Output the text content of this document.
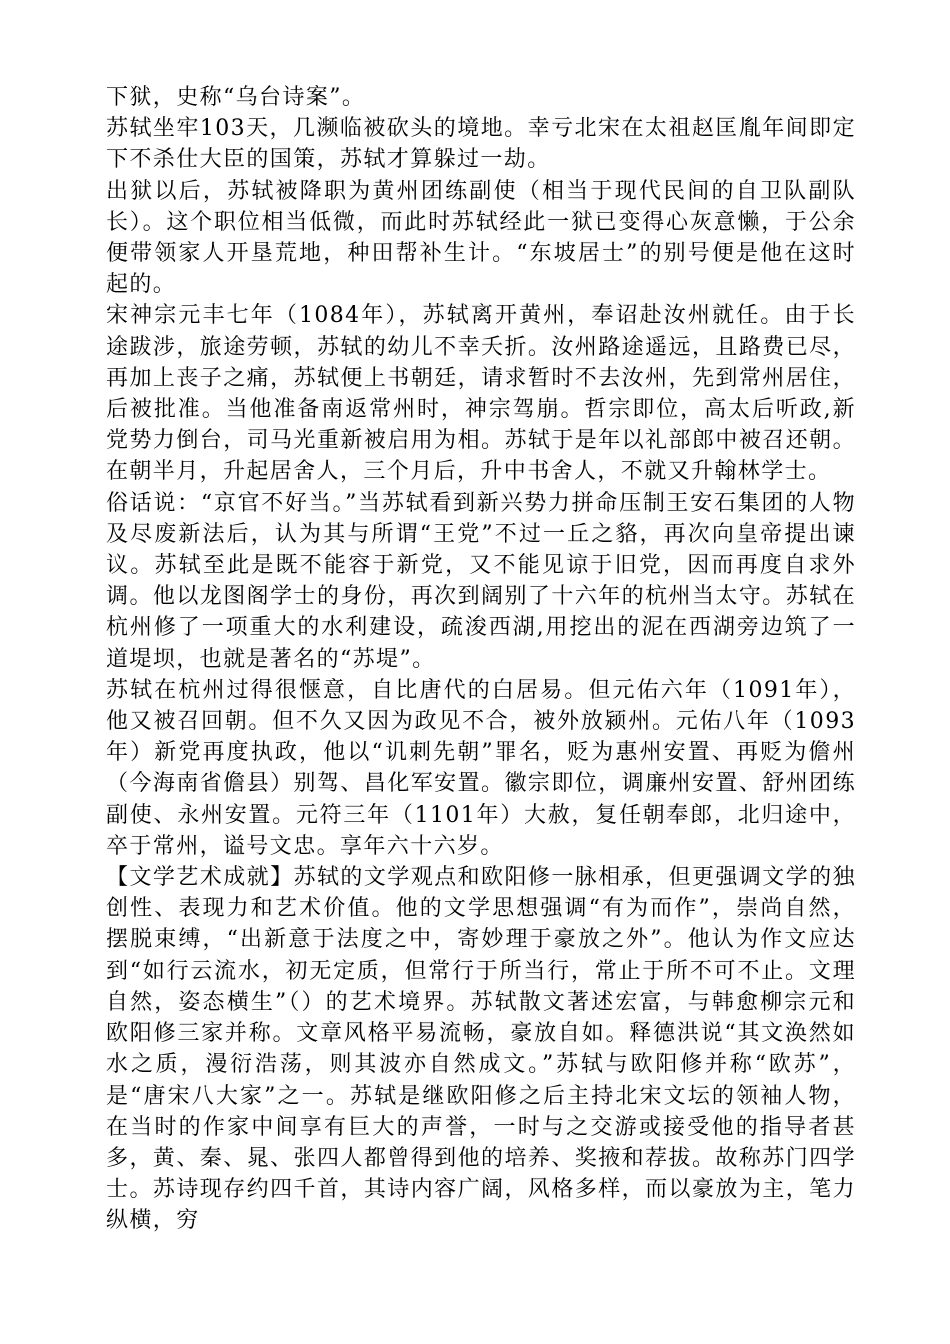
下狱，史称“乌台诗案”。

苏轼坐牢103天，几濒临被砍头的境地。幸亏北宋在太祖赵匡胤年间即定下不杀仕大臣的国策，苏轼才算躲过一劫。

出狱以后，苏轼被降职为黄州团练副使（相当于现代民间的自卫队副队长）。这个职位相当低微，而此时苏轼经此一狱已变得心灰意懒，于公余便带领家人开垦荒地，种田帮补生计。“东坡居士”的别号便是他在这时起的。

宋神宗元丰七年（1084年），苏轼离开黄州，奉诏赴汝州就任。由于长途跋涉，旅途劳顿，苏轼的幼儿不幸夭折。汝州路途遥远，且路费已尽，再加上丧子之痛，苏轼便上书朝廷，请求暂时不去汝州，先到常州居住，后被批准。当他准备南返常州时，神宗驾崩。哲宗即位，高太后听政,新党势力倒台，司马光重新被启用为相。苏轼于是年以礼部郎中被召还朝。在朝半月，升起居舍人，三个月后，升中书舍人，不就又升翰林学士。

俗话说：“京官不好当。”当苏轼看到新兴势力拼命压制王安石集团的人物及尽废新法后，认为其与所谓“王党”不过一丘之貉，再次向皇帝提出谏议。苏轼至此是既不能容于新党，又不能见谅于旧党，因而再度自求外调。他以龙图阁学士的身份，再次到阔别了十六年的杭州当太守。苏轼在杭州修了一项重大的水利建设，疏浚西湖,用挖出的泥在西湖旁边筑了一道堤坝，也就是著名的“苏堤”。

苏轼在杭州过得很惬意，自比唐代的白居易。但元佑六年（1091年），他又被召回朝。但不久又因为政见不合，被外放颍州。元佑八年（1093年）新党再度执政，他以“讥刺先朝”罪名，贬为惠州安置、再贬为儋州（今海南省儋县）别驾、昌化军安置。徽宗即位，调廉州安置、舒州团练副使、永州安置。元符三年（1101年）大赦，复任朝奉郎，北归途中，卒于常州，谥号文忠。享年六十六岁。

【文学艺术成就】苏轼的文学观点和欧阳修一脉相承，但更强调文学的独创性、表现力和艺术价值。他的文学思想强调“有为而作”，崇尚自然，摆脱束缚，“出新意于法度之中，寄妙理于豪放之外”。他认为作文应达到“如行云流水，初无定质，但常行于所当行，常止于所不可不止。文理自然，姿态横生”（）的艺术境界。苏轼散文著述宏富，与韩愈柳宗元和欧阳修三家并称。文章风格平易流畅，豪放自如。释德洪说“其文涣然如水之质，漫衍浩荡，则其波亦自然成文。”苏轼与欧阳修并称“欧苏”，是“唐宋八大家”之一。苏轼是继欧阳修之后主持北宋文坛的领袖人物，在当时的作家中间享有巨大的声誉，一时与之交游或接受他的指导者甚多，黄、秦、晁、张四人都曾得到他的培养、奖掖和荐拔。故称苏门四学士。苏诗现存约四千首，其诗内容广阔，风格多样，而以豪放为主，笔力纵横，穷
